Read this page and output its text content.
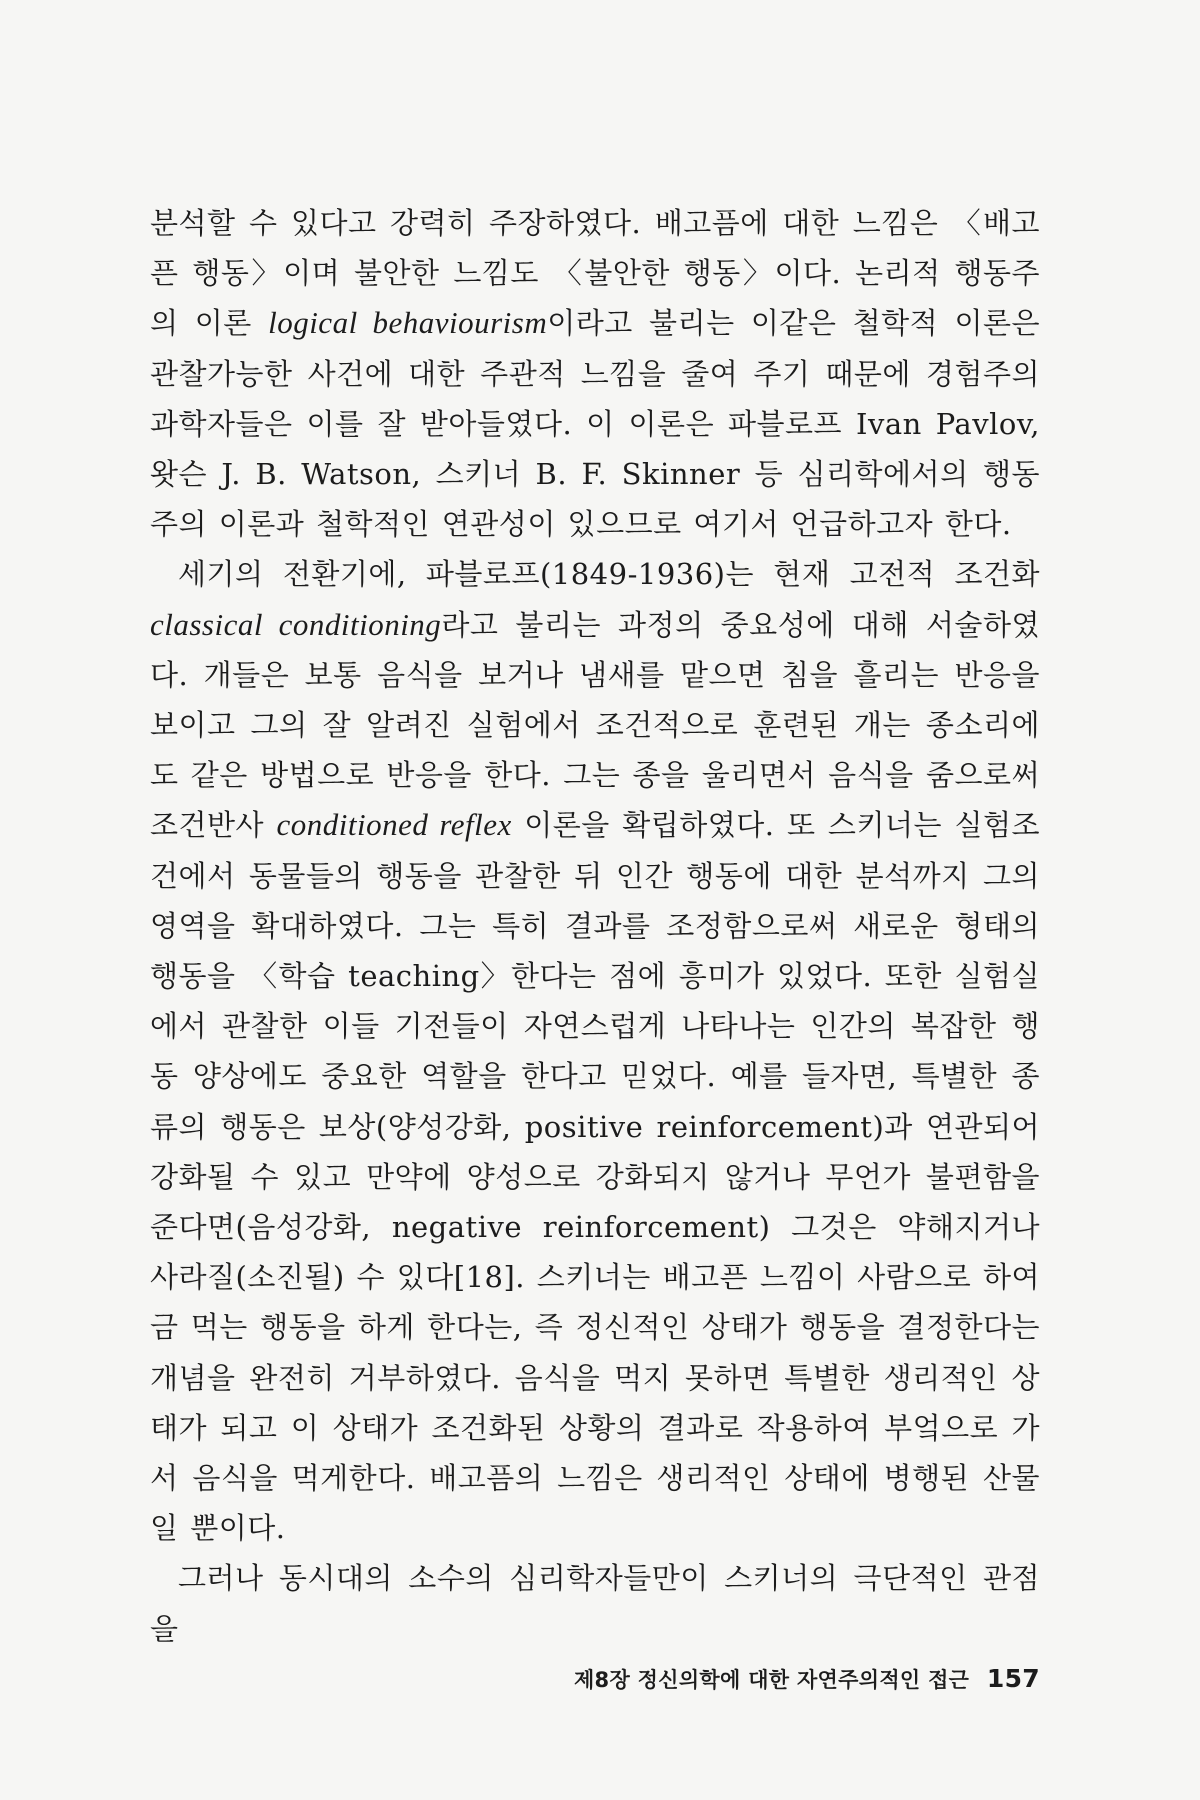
분석할 수 있다고 강력히 주장하였다. 배고픔에 대한 느낌은 〈배고픈 행동〉이며 불안한 느낌도 〈불안한 행동〉이다. 논리적 행동주의 이론 logical behaviourism이라고 불리는 이같은 철학적 이론은 관찰가능한 사건에 대한 주관적 느낌을 줄여 주기 때문에 경험주의 과학자들은 이를 잘 받아들였다. 이 이론은 파블로프 Ivan Pavlov, 왓슨 J. B. Watson, 스키너 B. F. Skinner 등 심리학에서의 행동주의 이론과 철학적인 연관성이 있으므로 여기서 언급하고자 한다.

세기의 전환기에, 파블로프(1849-1936)는 현재 고전적 조건화 classical conditioning라고 불리는 과정의 중요성에 대해 서술하였다. 개들은 보통 음식을 보거나 냄새를 맡으면 침을 흘리는 반응을 보이고 그의 잘 알려진 실험에서 조건적으로 훈련된 개는 종소리에도 같은 방법으로 반응을 한다. 그는 종을 울리면서 음식을 줌으로써 조건반사 conditioned reflex 이론을 확립하였다. 또 스키너는 실험조건에서 동물들의 행동을 관찰한 뒤 인간 행동에 대한 분석까지 그의 영역을 확대하였다. 그는 특히 결과를 조정함으로써 새로운 형태의 행동을 〈학습 teaching〉한다는 점에 흥미가 있었다. 또한 실험실에서 관찰한 이들 기전들이 자연스럽게 나타나는 인간의 복잡한 행동 양상에도 중요한 역할을 한다고 믿었다. 예를 들자면, 특별한 종류의 행동은 보상(양성강화, positive reinforcement)과 연관되어 강화될 수 있고 만약에 양성으로 강화되지 않거나 무언가 불편함을 준다면(음성강화, negative reinforcement) 그것은 약해지거나 사라질(소진될) 수 있다[18]. 스키너는 배고픈 느낌이 사람으로 하여금 먹는 행동을 하게 한다는, 즉 정신적인 상태가 행동을 결정한다는 개념을 완전히 거부하였다. 음식을 먹지 못하면 특별한 생리적인 상태가 되고 이 상태가 조건화된 상황의 결과로 작용하여 부엌으로 가서 음식을 먹게한다. 배고픔의 느낌은 생리적인 상태에 병행된 산물일 뿐이다.

그러나 동시대의 소수의 심리학자들만이 스키너의 극단적인 관점을

제8장 정신의학에 대한 자연주의적인 접근 157
